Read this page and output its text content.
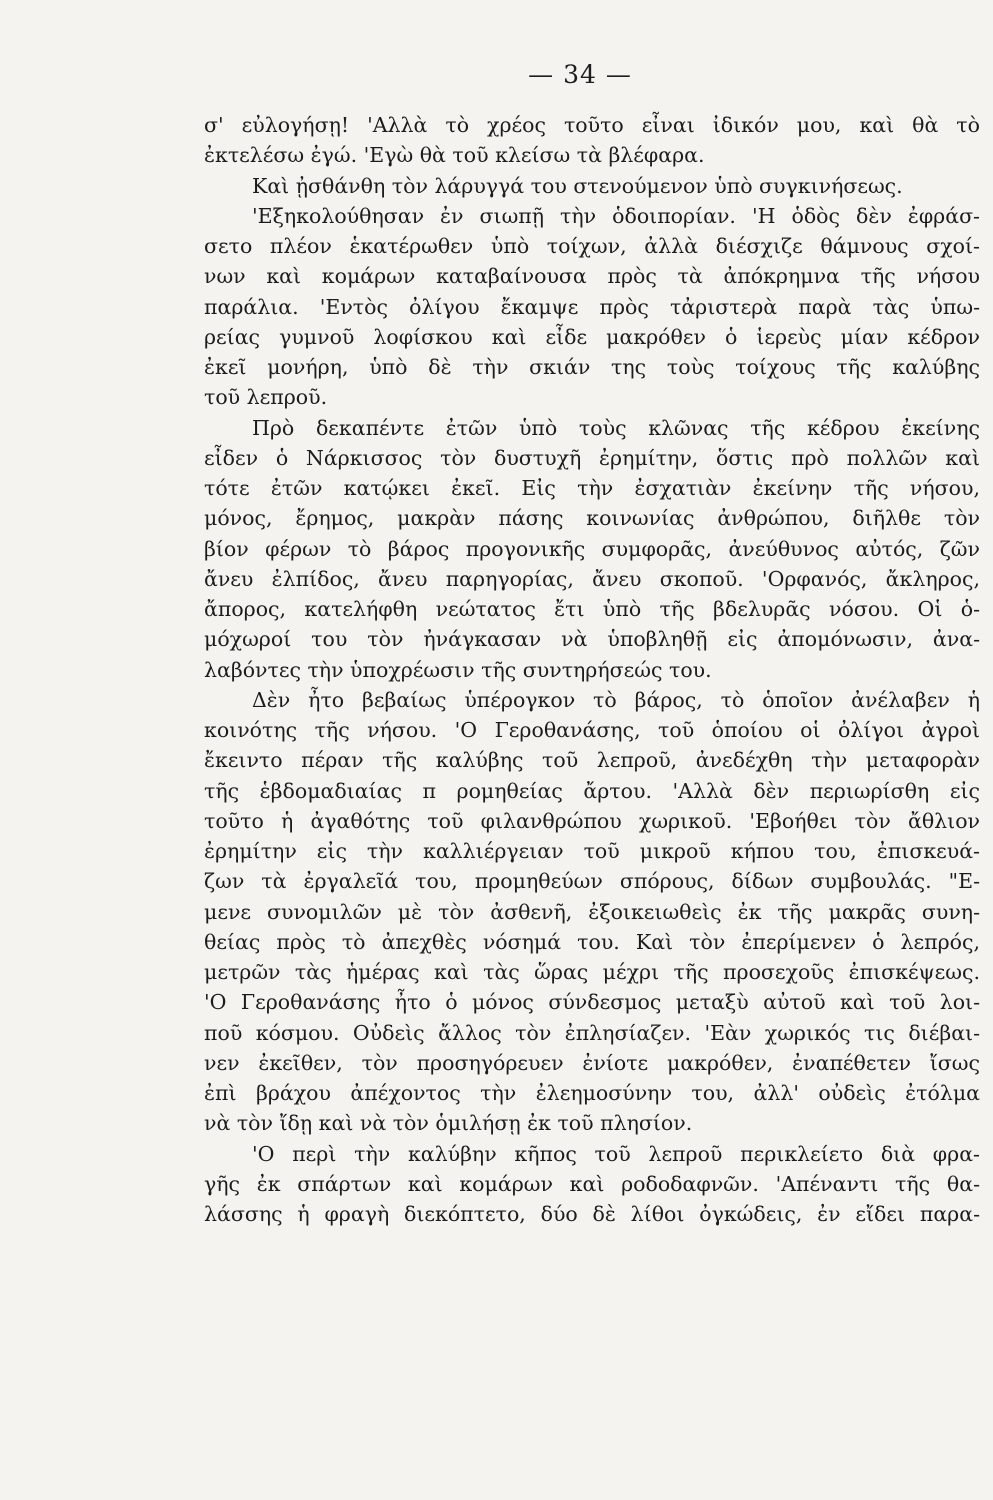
— 34 —
σ' εὐλογήσῃ! 'Αλλὰ τὸ χρέος τοῦτο εἶναι ἰδικόν μου, καὶ θὰ τὸ
ἐκτελέσω ἐγώ. 'Εγὼ θὰ τοῦ κλείσω τὰ βλέφαρα.
Καὶ ᾐσθάνθη τὸν λάρυγγά του στενούμενον ὑπὸ συγκινήσεως.
'Εξηκολούθησαν ἐν σιωπῇ τὴν ὁδοιπορίαν. 'Η ὁδὸς δὲν ἐφράσ-
σετο πλέον ἑκατέρωθεν ὑπὸ τοίχων, ἀλλὰ διέσχιζε θάμνους σχοί-
νων καὶ κομάρων καταβαίνουσα πρὸς τὰ ἀπόκρημνα τῆς νήσου
παράλια. 'Εντὸς ὀλίγου ἔκαμψε πρὸς τἀριστερὰ παρὰ τὰς ὑπω-
ρείας γυμνοῦ λοφίσκου καὶ εἶδε μακρόθεν ὁ ἱερεὺς μίαν κέδρον
ἐκεῖ μονήρη, ὑπὸ δὲ τὴν σκιάν της τοὺς τοίχους τῆς καλύβης
τοῦ λεπροῦ.
Πρὸ δεκαπέντε ἐτῶν ὑπὸ τοὺς κλῶνας τῆς κέδρου ἐκείνης
εἶδεν ὁ Νάρκισσος τὸν δυστυχῆ ἐρημίτην, ὅστις πρὸ πολλῶν καὶ
τότε ἐτῶν κατῴκει ἐκεῖ. Εἰς τὴν ἐσχατιὰν ἐκείνην τῆς νήσου,
μόνος, ἔρημος, μακρὰν πάσης κοινωνίας ἀνθρώπου, διῆλθε τὸν
βίον φέρων τὸ βάρος προγονικῆς συμφορᾶς, ἀνεύθυνος αὐτός, ζῶν
ἄνευ ἐλπίδος, ἄνευ παρηγορίας, ἄνευ σκοποῦ. 'Ορφανός, ἄκληρος,
ἄπορος, κατελήφθη νεώτατος ἔτι ὑπὸ τῆς βδελυρᾶς νόσου. Οἱ ὁ-
μόχωροί του τὸν ἠνάγκασαν νὰ ὑποβληθῇ εἰς ἀπομόνωσιν, ἀνα-
λαβόντες τὴν ὑποχρέωσιν τῆς συντηρήσεώς του.
Δὲν ἦτο βεβαίως ὑπέρογκον τὸ βάρος, τὸ ὁποῖον ἀνέλαβεν ἡ
κοινότης τῆς νήσου. 'Ο Γεροθανάσης, τοῦ ὁποίου οἱ ὀλίγοι ἀγροὶ
ἔκειντο πέραν τῆς καλύβης τοῦ λεπροῦ, ἀνεδέχθη τὴν μεταφορὰν
τῆς ἑβδομαδιαίας π ρομηθείας ἄρτου. 'Αλλὰ δὲν περιωρίσθη εἰς
τοῦτο ἡ ἀγαθότης τοῦ φιλανθρώπου χωρικοῦ. 'Εβοήθει τὸν ἄθλιον
ἐρημίτην εἰς τὴν καλλιέργειαν τοῦ μικροῦ κήπου του, ἐπισκευά-
ζων τὰ ἐργαλεῖά του, προμηθεύων σπόρους, δίδων συμβουλάς. "Ε-
μενε συνομιλῶν μὲ τὸν ἀσθενῆ, ἐξοικειωθεὶς ἐκ τῆς μακρᾶς συνη-
θείας πρὸς τὸ ἀπεχθὲς νόσημά του. Καὶ τὸν ἐπερίμενεν ὁ λεπρός,
μετρῶν τὰς ἡμέρας καὶ τὰς ὥρας μέχρι τῆς προσεχοῦς ἐπισκέψεως.
'Ο Γεροθανάσης ἦτο ὁ μόνος σύνδεσμος μεταξὺ αὐτοῦ καὶ τοῦ λοι-
ποῦ κόσμου. Οὐδεὶς ἄλλος τὸν ἐπλησίαζεν. 'Εὰν χωρικός τις διέβαι-
νεν ἐκεῖθεν, τὸν προσηγόρευεν ἐνίοτε μακρόθεν, ἐναπέθετεν ἴσως
ἐπὶ βράχου ἀπέχοντος τὴν ἐλεημοσύνην του, ἀλλ' οὐδεὶς ἐτόλμα
νὰ τὸν ἴδῃ καὶ νὰ τὸν ὁμιλήσῃ ἐκ τοῦ πλησίον.
'Ο περὶ τὴν καλύβην κῆπος τοῦ λεπροῦ περικλείετο διὰ φρα-
γῆς ἐκ σπάρτων καὶ κομάρων καὶ ροδοδαφνῶν. 'Απέναντι τῆς θα-
λάσσης ἡ φραγὴ διεκόπτετο, δύο δὲ λίθοι ὀγκώδεις, ἐν εἴδει παρα-
